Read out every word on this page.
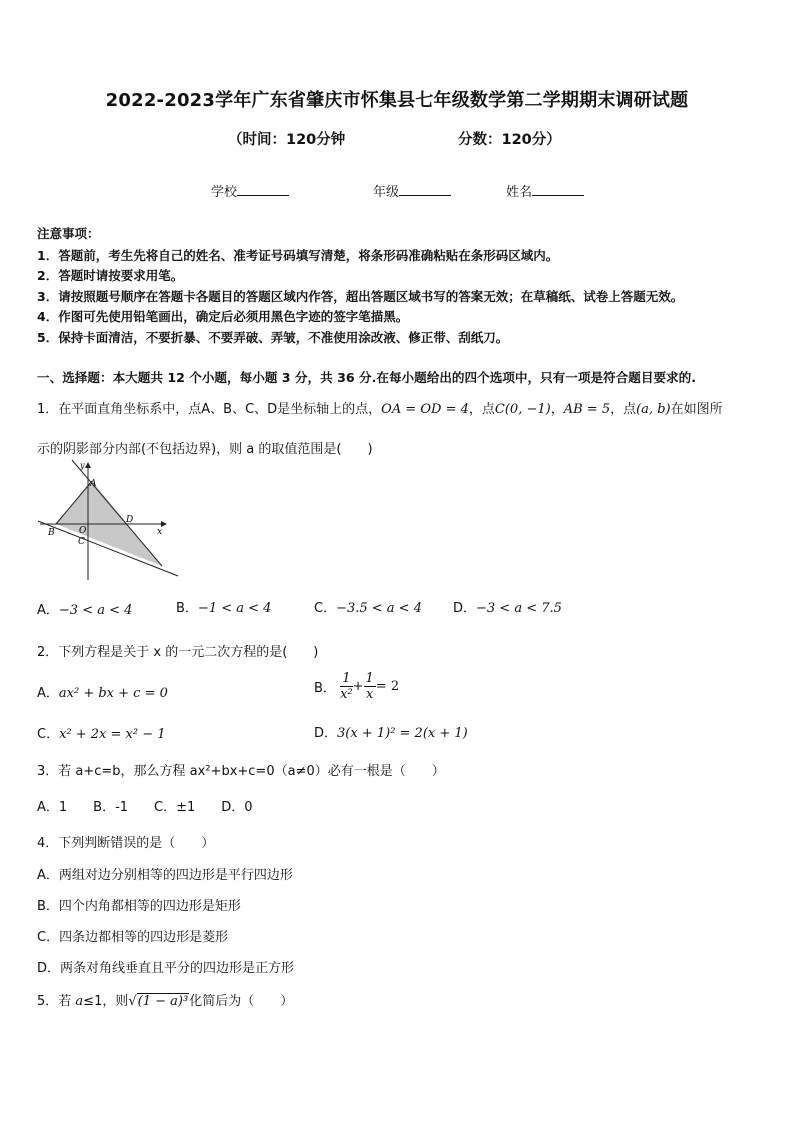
2022-2023学年广东省肇庆市怀集县七年级数学第二学期期末调研试题
（时间：120分钟	分数：120分）
学校	年级	姓名
注意事项：
1．答题前，考生先将自己的姓名、准考证号码填写清楚，将条形码准确粘贴在条形码区域内。
2．答题时请按要求用笔。
3．请按照题号顺序在答题卡各题目的答题区域内作答，超出答题区域书写的答案无效；在草稿纸、试卷上答题无效。
4．作图可先使用铅笔画出，确定后必须用黑色字迹的签字笔描黑。
5．保持卡面清洁，不要折暴、不要弄破、弄皱，不准使用涂改液、修正带、刮纸刀。
一、选择题：本大题共 12 个小题，每小题 3 分，共 36 分.在每小题给出的四个选项中，只有一项是符合题目要求的.
1．在平面直角坐标系中，点A、B、C、D是坐标轴上的点，OA = OD = 4，点C(0, −1)，AB = 5，点(a, b)在如图所
示的阴影部分内部(不包括边界)，则 a 的取值范围是(　　)
y
x
A
B	O
C
D
A．−3 < a < 4	B．−1 < a < 4	C．−3.5 < a < 4 D．−3 < a < 7.5
2．下列方程是关于 x 的一元二次方程的是(　　)
A．ax² + bx + c = 0	B． $\frac{1}{\text{x²}} + \frac{1}{x} = 2$
C．x² + 2x = x² − 1	D．3(x + 1)² = 2(x + 1)
3．若 a+c=b，那么方程 ax²+bx+c=0（a≠0）必有一根是（　　）
A．1　　B．-1　　C．±1　　D．0
4．下列判断错误的是（　　）
A．两组对边分别相等的四边形是平行四边形
B．四个内角都相等的四边形是矩形
C．四条边都相等的四边形是菱形
D．两条对角线垂直且平分的四边形是正方形
5．若 a≤1，则√(1 − a)³化简后为（　　）
